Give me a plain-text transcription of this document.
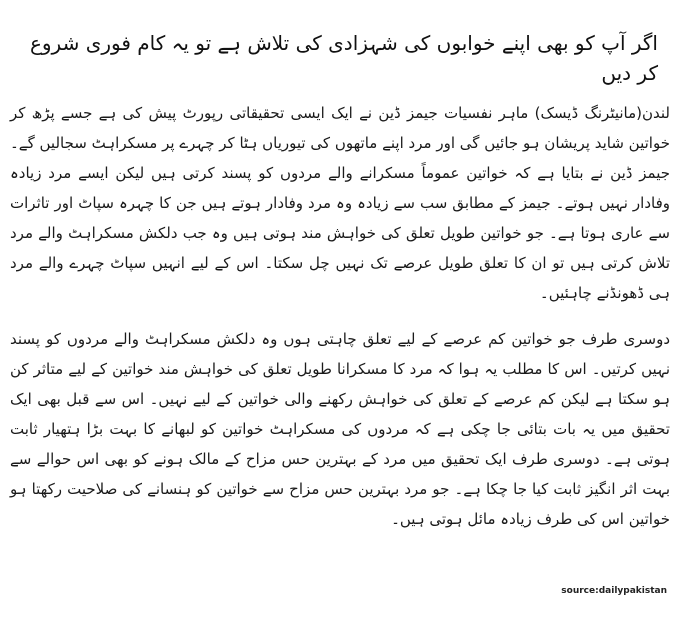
اگر آپ کو بھی اپنے خوابوں کی شہزادی کی تلاش ہے تو یہ کام فوری شروع کر دیں

لندن(مانیٹرنگ ڈیسک) ماہر نفسیات جیمز ڈین نے ایک ایسی تحقیقاتی رپورٹ پیش کی ہے جسے پڑھ کر خواتین شاید پریشان ہو جائیں گی اور مرد اپنے ماتھوں کی تیوریاں ہٹا کر چہرے پر مسکراہٹ سجالیں گے۔ جیمز ڈین نے بتایا ہے کہ خواتین عموماً مسکرانے والے مردوں کو پسند کرتی ہیں لیکن ایسے مرد زیادہ وفادار نہیں ہوتے۔ جیمز کے مطابق سب سے زیادہ وہ مرد وفادار ہوتے ہیں جن کا چہرہ سپاٹ اور تاثرات سے عاری ہوتا ہے۔ جو خواتین طویل تعلق کی خواہش مند ہوتی ہیں وہ جب دلکش مسکراہٹ والے مرد تلاش کرتی ہیں تو ان کا تعلق طویل عرصے تک نہیں چل سکتا۔ اس کے لیے انہیں سپاٹ چہرے والے مرد ہی ڈھونڈنے چاہئیں۔

دوسری طرف جو خواتین کم عرصے کے لیے تعلق چاہتی ہوں وہ دلکش مسکراہٹ والے مردوں کو پسند نہیں کرتیں۔ اس کا مطلب یہ ہوا کہ مرد کا مسکرانا طویل تعلق کی خواہش مند خواتین کے لیے متاثر کن ہو سکتا ہے لیکن کم عرصے کے تعلق کی خواہش رکھنے والی خواتین کے لیے نہیں۔ اس سے قبل بھی ایک تحقیق میں یہ بات بتائی جا چکی ہے کہ مردوں کی مسکراہٹ خواتین کو لبھانے کا بہت بڑا ہتھیار ثابت ہوتی ہے۔ دوسری طرف ایک تحقیق میں مرد کے بہترین حس مزاح کے مالک ہونے کو بھی اس حوالے سے بہت اثر انگیز ثابت کیا جا چکا ہے۔ جو مرد بہترین حس مزاح سے خواتین کو ہنسانے کی صلاحیت رکھتا ہو خواتین اس کی طرف زیادہ مائل ہوتی ہیں۔

source:dailypakistan
